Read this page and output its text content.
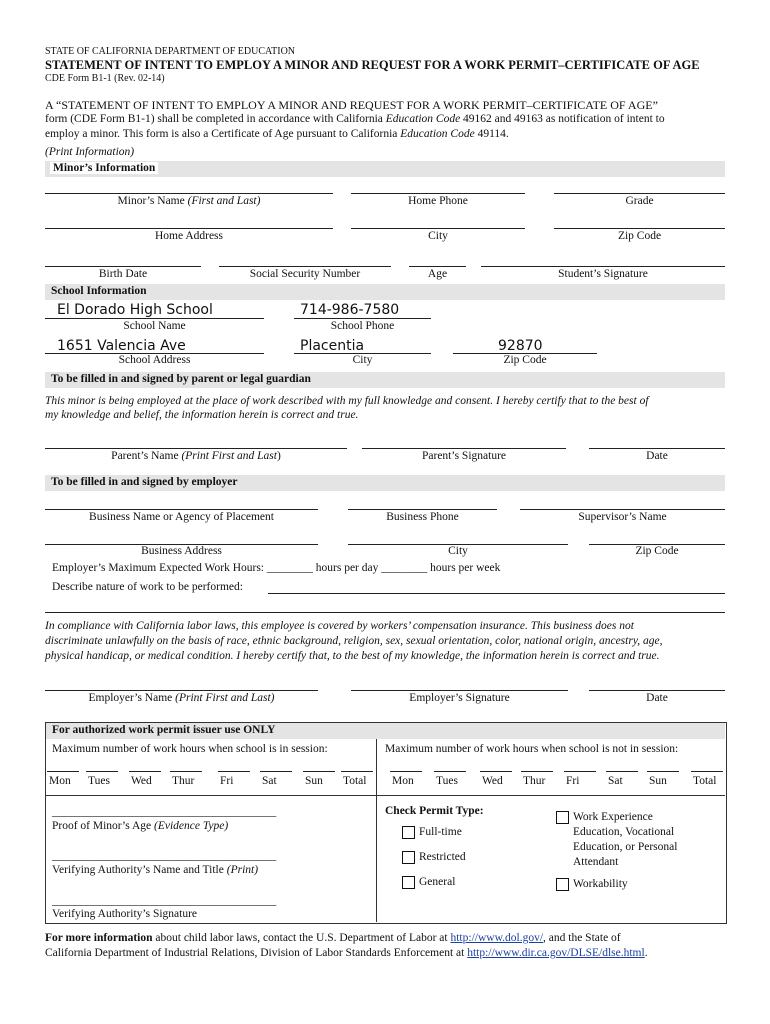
STATE OF CALIFORNIA DEPARTMENT OF EDUCATION
STATEMENT OF INTENT TO EMPLOY A MINOR AND REQUEST FOR A WORK PERMIT–CERTIFICATE OF AGE
CDE Form B1-1 (Rev. 02-14)
A “STATEMENT OF INTENT TO EMPLOY A MINOR AND REQUEST FOR A WORK PERMIT–CERTIFICATE OF AGE”
form (CDE Form B1-1) shall be completed in accordance with California Education Code 49162 and 49163 as notification of intent to
employ a minor. This form is also a Certificate of Age pursuant to California Education Code 49114.
(Print Information)
Minor’s Information
Minor’s Name (First and Last)	Home Phone	Grade
Home Address	City	Zip Code
Birth Date	Social Security Number	Age	Student’s Signature
School Information
El Dorado High School	714-986-7580
School Name	School Phone
1651 Valencia Ave	Placentia	92870
School Address	City	Zip Code
To be filled in and signed by parent or legal guardian
This minor is being employed at the place of work described with my full knowledge and consent. I hereby certify that to the best of
my knowledge and belief, the information herein is correct and true.
Parent’s Name (Print First and Last)	Parent’s Signature	Date
To be filled in and signed by employer
Business Name or Agency of Placement	Business Phone	Supervisor’s Name
Business Address	City	Zip Code
Employer’s Maximum Expected Work Hours: ________ hours per day ________ hours per week
Describe nature of work to be performed:
In compliance with California labor laws, this employee is covered by workers’ compensation insurance. This business does not
discriminate unlawfully on the basis of race, ethnic background, religion, sex, sexual orientation, color, national origin, ancestry, age,
physical handicap, or medical condition. I hereby certify that, to the best of my knowledge, the information herein is correct and true.
Employer’s Name (Print First and Last)	Employer’s Signature	Date
For authorized work permit issuer use ONLY
Maximum number of work hours when school is in session:	Maximum number of work hours when school is not in session:
Mon Tues Wed Thur Fri Sat Sun Total Mon Tues Wed Thur Fri Sat Sun Total
_______________________________________
Proof of Minor’s Age (Evidence Type)
_______________________________________
Verifying Authority’s Name and Title (Print)
_______________________________________
Verifying Authority’s Signature
Check Permit Type:
Full-time
Restricted
General
Work Experience
Education, Vocational
Education, or Personal
Attendant
Workability
For more information about child labor laws, contact the U.S. Department of Labor at http://www.dol.gov/, and the State of
California Department of Industrial Relations, Division of Labor Standards Enforcement at http://www.dir.ca.gov/DLSE/dlse.html.
